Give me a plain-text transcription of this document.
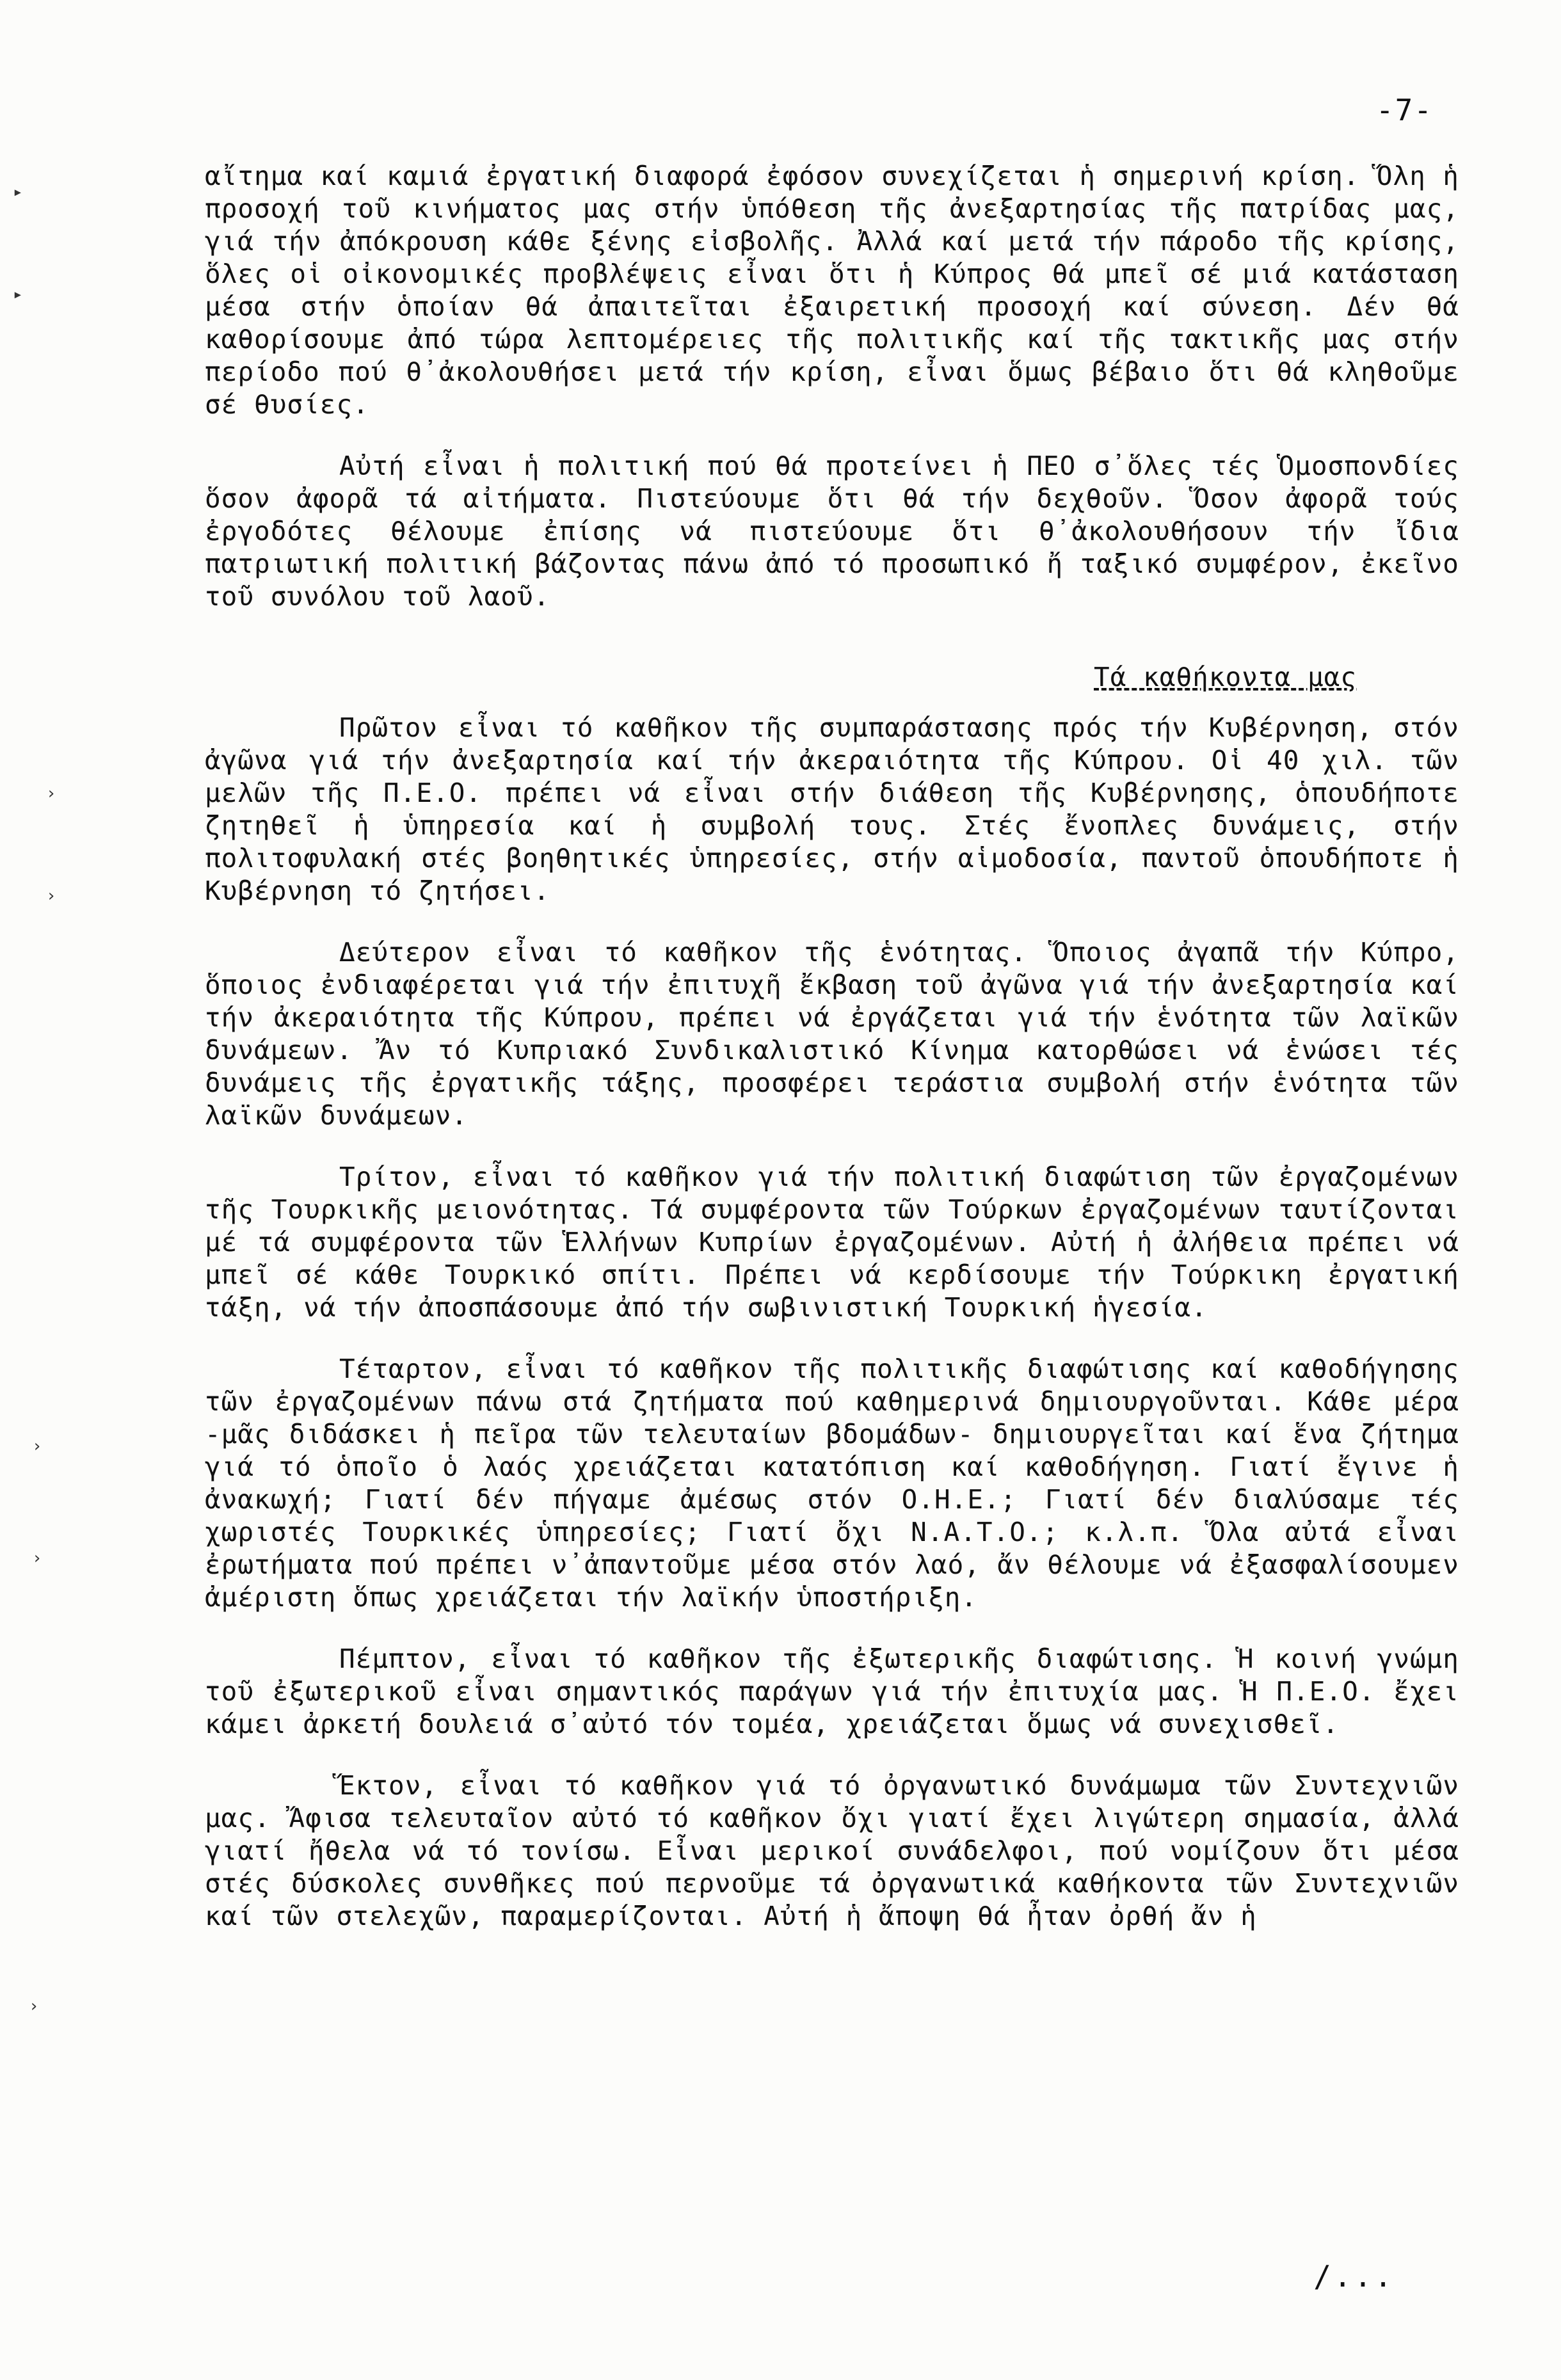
-7-
▸
▸
›
›
›
›
›

αἴτημα καί καμιά ἐργατική διαφορά ἐφόσον συνεχίζεται ἡ σημερινή κρίση. Ὅλη ἡ προσοχή τοῦ κινήματος μας στήν ὑπόθεση τῆς ἀνεξαρτησίας τῆς πατρίδας μας, γιά τήν ἀπόκρουση κάθε ξένης εἰσβολῆς. Ἀλλά καί μετά τήν πάροδο τῆς κρίσης, ὅλες οἱ οἰκονομικές προβλέψεις εἶναι ὅτι ἡ Κύπρος θά μπεῖ σέ μιά κατάσταση μέσα στήν ὁποίαν θά ἀπαιτεῖται ἐξαιρετική προσοχή καί σύνεση. Δέν θά καθορίσουμε ἀπό τώρα λεπτομέρειες τῆς πολιτικῆς καί τῆς τακτικῆς μας στήν περίοδο πού θ᾽ἀκολουθήσει μετά τήν κρίση, εἶναι ὅμως βέβαιο ὅτι θά κληθοῦμε σέ θυσίες.

Αὐτή εἶναι ἡ πολιτική πού θά προτείνει ἡ ΠΕΟ σ᾽ὅλες τές Ὁμοσπονδίες ὅσον ἀφορᾶ τά αἰτήματα. Πιστεύουμε ὅτι θά τήν δεχθοῦν. Ὅσον ἀφορᾶ τούς ἐργοδότες θέλουμε ἐπίσης νά πιστεύουμε ὅτι θ᾽ἀκολουθήσουν τήν ἴδια πατριωτική πολιτική βάζοντας πάνω ἀπό τό προσωπικό ἤ ταξικό συμφέρον, ἐκεῖνο τοῦ συνόλου τοῦ λαοῦ.

Τά καθήκοντα μας

Πρῶτον εἶναι τό καθῆκον τῆς συμπαράστασης πρός τήν Κυβέρνηση, στόν ἀγῶνα γιά τήν ἀνεξαρτησία καί τήν ἀκεραιότητα τῆς Κύπρου. Οἱ 40 χιλ. τῶν μελῶν τῆς Π.Ε.Ο. πρέπει νά εἶναι στήν διάθεση τῆς Κυβέρνησης, ὁπουδήποτε ζητηθεῖ ἡ ὑπηρεσία καί ἡ συμβολή τους. Στές ἔνοπλες δυνάμεις, στήν πολιτοφυλακή στές βοηθητικές ὑπηρεσίες, στήν αἱμοδοσία, παντοῦ ὁπουδήποτε ἡ Κυβέρνηση τό ζητήσει.

Δεύτερον εἶναι τό καθῆκον τῆς ἑνότητας. Ὅποιος ἀγαπᾶ τήν Κύπρο, ὅποιος ἐνδιαφέρεται γιά τήν ἐπιτυχῆ ἔκβαση τοῦ ἀγῶνα γιά τήν ἀνεξαρτησία καί τήν ἀκεραιότητα τῆς Κύπρου, πρέπει νά ἐργάζεται γιά τήν ἑνότητα τῶν λαϊκῶν δυνάμεων. Ἄν τό Κυπριακό Συνδικαλιστικό Κίνημα κατορθώσει νά ἑνώσει τές δυνάμεις τῆς ἐργατικῆς τάξης, προσφέρει τεράστια συμβολή στήν ἑνότητα τῶν λαϊκῶν δυνάμεων.

Τρίτον, εἶναι τό καθῆκον γιά τήν πολιτική διαφώτιση τῶν ἐργαζομένων τῆς Τουρκικῆς μειονότητας. Τά συμφέροντα τῶν Τούρκων ἐργαζομένων ταυτίζονται μέ τά συμφέροντα τῶν Ἑλλήνων Κυπρίων ἐργαζομένων. Αὐτή ἡ ἀλήθεια πρέπει νά μπεῖ σέ κάθε Τουρκικό σπίτι. Πρέπει νά κερδίσουμε τήν Τούρκικη ἐργατική τάξη, νά τήν ἀποσπάσουμε ἀπό τήν σωβινιστική Τουρκική ἡγεσία.

Τέταρτον, εἶναι τό καθῆκον τῆς πολιτικῆς διαφώτισης καί καθοδήγησης τῶν ἐργαζομένων πάνω στά ζητήματα πού καθημερινά δημιουργοῦνται. Κάθε μέρα -μᾶς διδάσκει ἡ πεῖρα τῶν τελευταίων βδομάδων- δημιουργεῖται καί ἕνα ζήτημα γιά τό ὁποῖο ὁ λαός χρειάζεται κατατόπιση καί καθοδήγηση. Γιατί ἔγινε ἡ ἀνακωχή; Γιατί δέν πήγαμε ἀμέσως στόν Ο.Η.Ε.; Γιατί δέν διαλύσαμε τές χωριστές Τουρκικές ὑπηρεσίες; Γιατί ὄχι Ν.Α.Τ.Ο.; κ.λ.π. Ὅλα αὐτά εἶναι ἐρωτήματα πού πρέπει ν᾽ἀπαντοῦμε μέσα στόν λαό, ἄν θέλουμε νά ἐξασφαλίσουμεν ἀμέριστη ὅπως χρειάζεται τήν λαϊκήν ὑποστήριξη.

Πέμπτον, εἶναι τό καθῆκον τῆς ἐξωτερικῆς διαφώτισης. Ἡ κοινή γνώμη τοῦ ἐξωτερικοῦ εἶναι σημαντικός παράγων γιά τήν ἐπιτυχία μας. Ἡ Π.Ε.Ο. ἔχει κάμει ἀρκετή δουλειά σ᾽αὐτό τόν τομέα, χρειάζεται ὅμως νά συνεχισθεῖ.

Ἕκτον, εἶναι τό καθῆκον γιά τό ὀργανωτικό δυνάμωμα τῶν Συντεχνιῶν μας. Ἄφισα τελευταῖον αὐτό τό καθῆκον ὄχι γιατί ἔχει λιγώτερη σημασία, ἀλλά γιατί ἤθελα νά τό τονίσω. Εἶναι μερικοί συνάδελφοι, πού νομίζουν ὅτι μέσα στές δύσκολες συνθῆκες πού περνοῦμε τά ὀργανωτικά καθήκοντα τῶν Συντεχνιῶν καί τῶν στελεχῶν, παραμερίζονται. Αὐτή ἡ ἄποψη θά ἦταν ὀρθή ἄν ἡ

/...
